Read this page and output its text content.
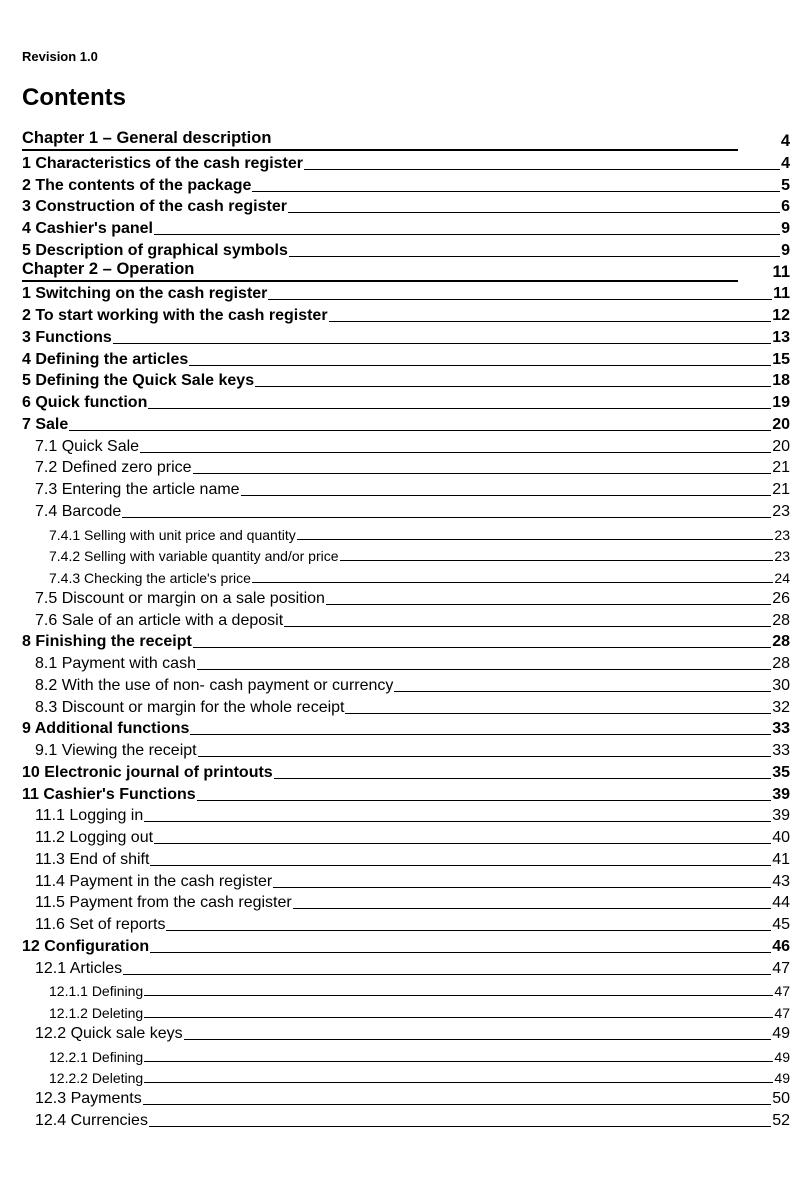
Revision 1.0
Contents
Chapter 1 – General description	4
1 Characteristics of the cash register	4
2 The contents of the package	5
3 Construction of the cash register	6
4 Cashier's panel	9
5 Description of graphical symbols	9
Chapter 2 – Operation	11
1 Switching on the cash register	11
2 To start working with the cash register	12
3 Functions	13
4 Defining the articles	15
5 Defining the Quick Sale keys	18
6 Quick function	19
7 Sale	20
7.1 Quick Sale	20
7.2 Defined zero price	21
7.3 Entering the article name	21
7.4 Barcode	23
7.4.1 Selling with unit price and quantity	23
7.4.2 Selling with variable quantity and/or price	23
7.4.3 Checking the article's price	24
7.5 Discount or margin on a sale position	26
7.6 Sale of an article with a deposit	28
8 Finishing the receipt	28
8.1 Payment with cash	28
8.2 With the use of non- cash payment or currency	30
8.3 Discount or margin for the whole receipt	32
9 Additional functions	33
9.1 Viewing the receipt	33
10 Electronic journal of printouts	35
11 Cashier's Functions	39
11.1 Logging in	39
11.2 Logging out	40
11.3 End of shift	41
11.4 Payment in the cash register	43
11.5 Payment from the cash register	44
11.6 Set of reports	45
12 Configuration	46
12.1 Articles	47
12.1.1 Defining	47
12.1.2 Deleting	47
12.2 Quick sale keys	49
12.2.1 Defining	49
12.2.2 Deleting	49
12.3 Payments	50
12.4 Currencies	52
